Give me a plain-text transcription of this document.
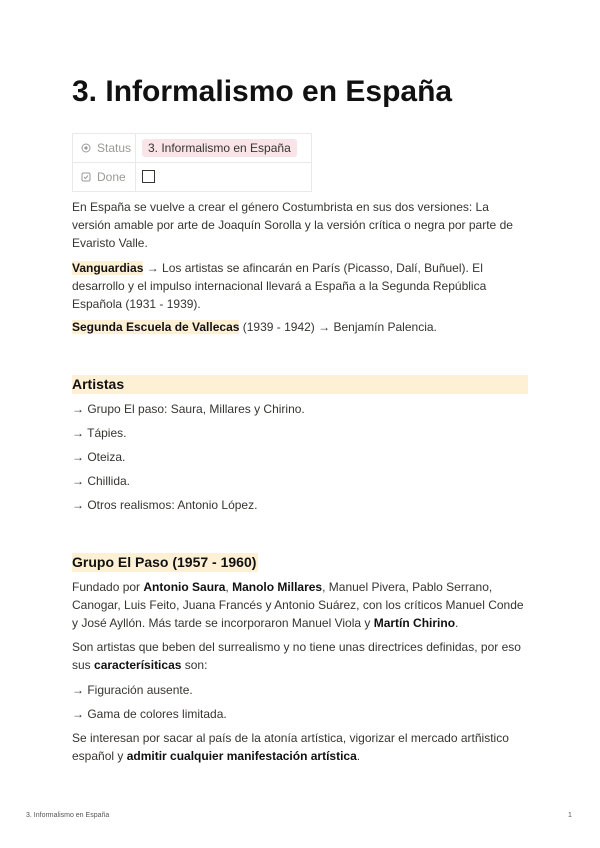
3. Informalismo en España
Status	3. Informalismo en España
Done	

En España se vuelve a crear el género Costumbrista en sus dos versiones: La versión amable por arte de Joaquín Sorolla y la versión crítica o negra por parte de Evaristo Valle.

Vanguardias → Los artistas se afincarán en París (Picasso, Dalí, Buñuel). El desarrollo y el impulso internacional llevará a España a la Segunda República Española (1931 - 1939).

Segunda Escuela de Vallecas (1939 - 1942) → Benjamín Palencia.

Artistas

→ Grupo El paso: Saura, Millares y Chirino.

→ Tápies.

→ Oteiza.

→ Chillida.

→ Otros realismos: Antonio López.

Grupo El Paso (1957 - 1960)

Fundado por Antonio Saura, Manolo Millares, Manuel Pivera, Pablo Serrano, Canogar, Luis Feito, Juana Francés y Antonio Suárez, con los críticos Manuel Conde y José Ayllón. Más tarde se incorporaron Manuel Viola y Martín Chirino.

Son artistas que beben del surrealismo y no tiene unas directrices definidas, por eso sus caracterísiticas son:

→ Figuración ausente.

→ Gama de colores limitada.

Se interesan por sacar al país de la atonía artística, vigorizar el mercado artñistico español y admitir cualquier manifestación artística.

3. Informalismo en España	1
